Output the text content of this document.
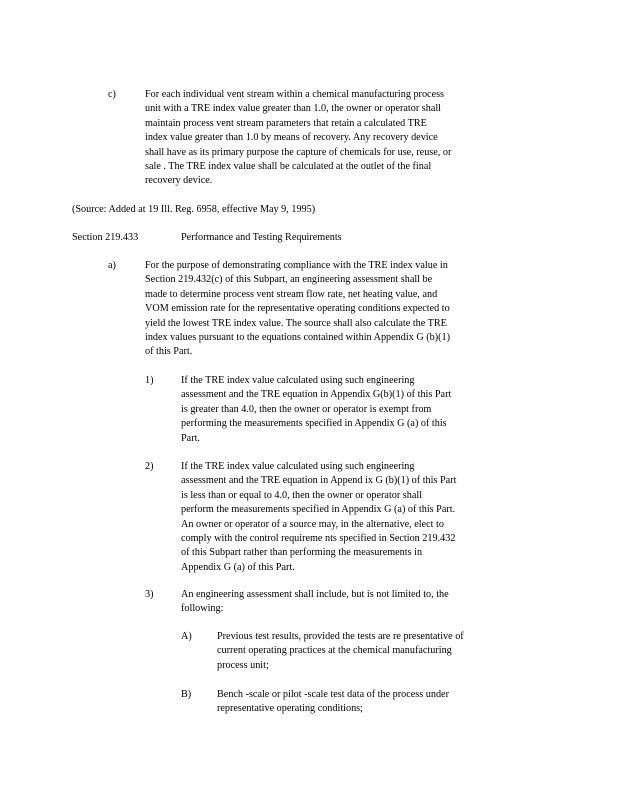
c)	For each individual vent stream within a chemical manufacturing process
unit with a TRE index value greater than 1.0, the owner or operator shall
maintain process vent stream parameters that retain a calculated TRE
index value greater than 1.0 by means of recovery. Any recovery device
shall have as its primary purpose the capture of chemicals for use, reuse, or
sale . The TRE index value shall be calculated at the outlet of the final
recovery device.
(Source: Added at 19 Ill. Reg. 6958, effective May 9, 1995)
Section 219.433	Performance and Testing Requirements
a)	For the purpose of demonstrating compliance with the TRE index value in
Section 219.432(c) of this Subpart, an engineering assessment shall be
made to determine process vent stream flow rate, net heating value, and
VOM emission rate for the representative operating conditions expected to
yield the lowest TRE index value. The source shall also calculate the TRE
index values pursuant to the equations contained within Appendix G (b)(1)
of this Part.
1)	If the TRE index value calculated using such engineering
assessment and the TRE equation in Appendix G(b)(1) of this Part
is greater than 4.0, then the owner or operator is exempt from
performing the measurements specified in Appendix G (a) of this
Part.
2)	If the TRE index value calculated using such engineering
assessment and the TRE equation in Append ix G (b)(1) of this Part
is less than or equal to 4.0, then the owner or operator shall
perform the measurements specified in Appendix G (a) of this Part.
An owner or operator of a source may, in the alternative, elect to
comply with the control requireme nts specified in Section 219.432
of this Subpart rather than performing the measurements in
Appendix G (a) of this Part.
3)	An engineering assessment shall include, but is not limited to, the
following:
A) Previous test results, provided the tests are re presentative of
current operating practices at the chemical manufacturing
process unit;
B)	Bench -scale or pilot -scale test data of the process under
representative operating conditions;
